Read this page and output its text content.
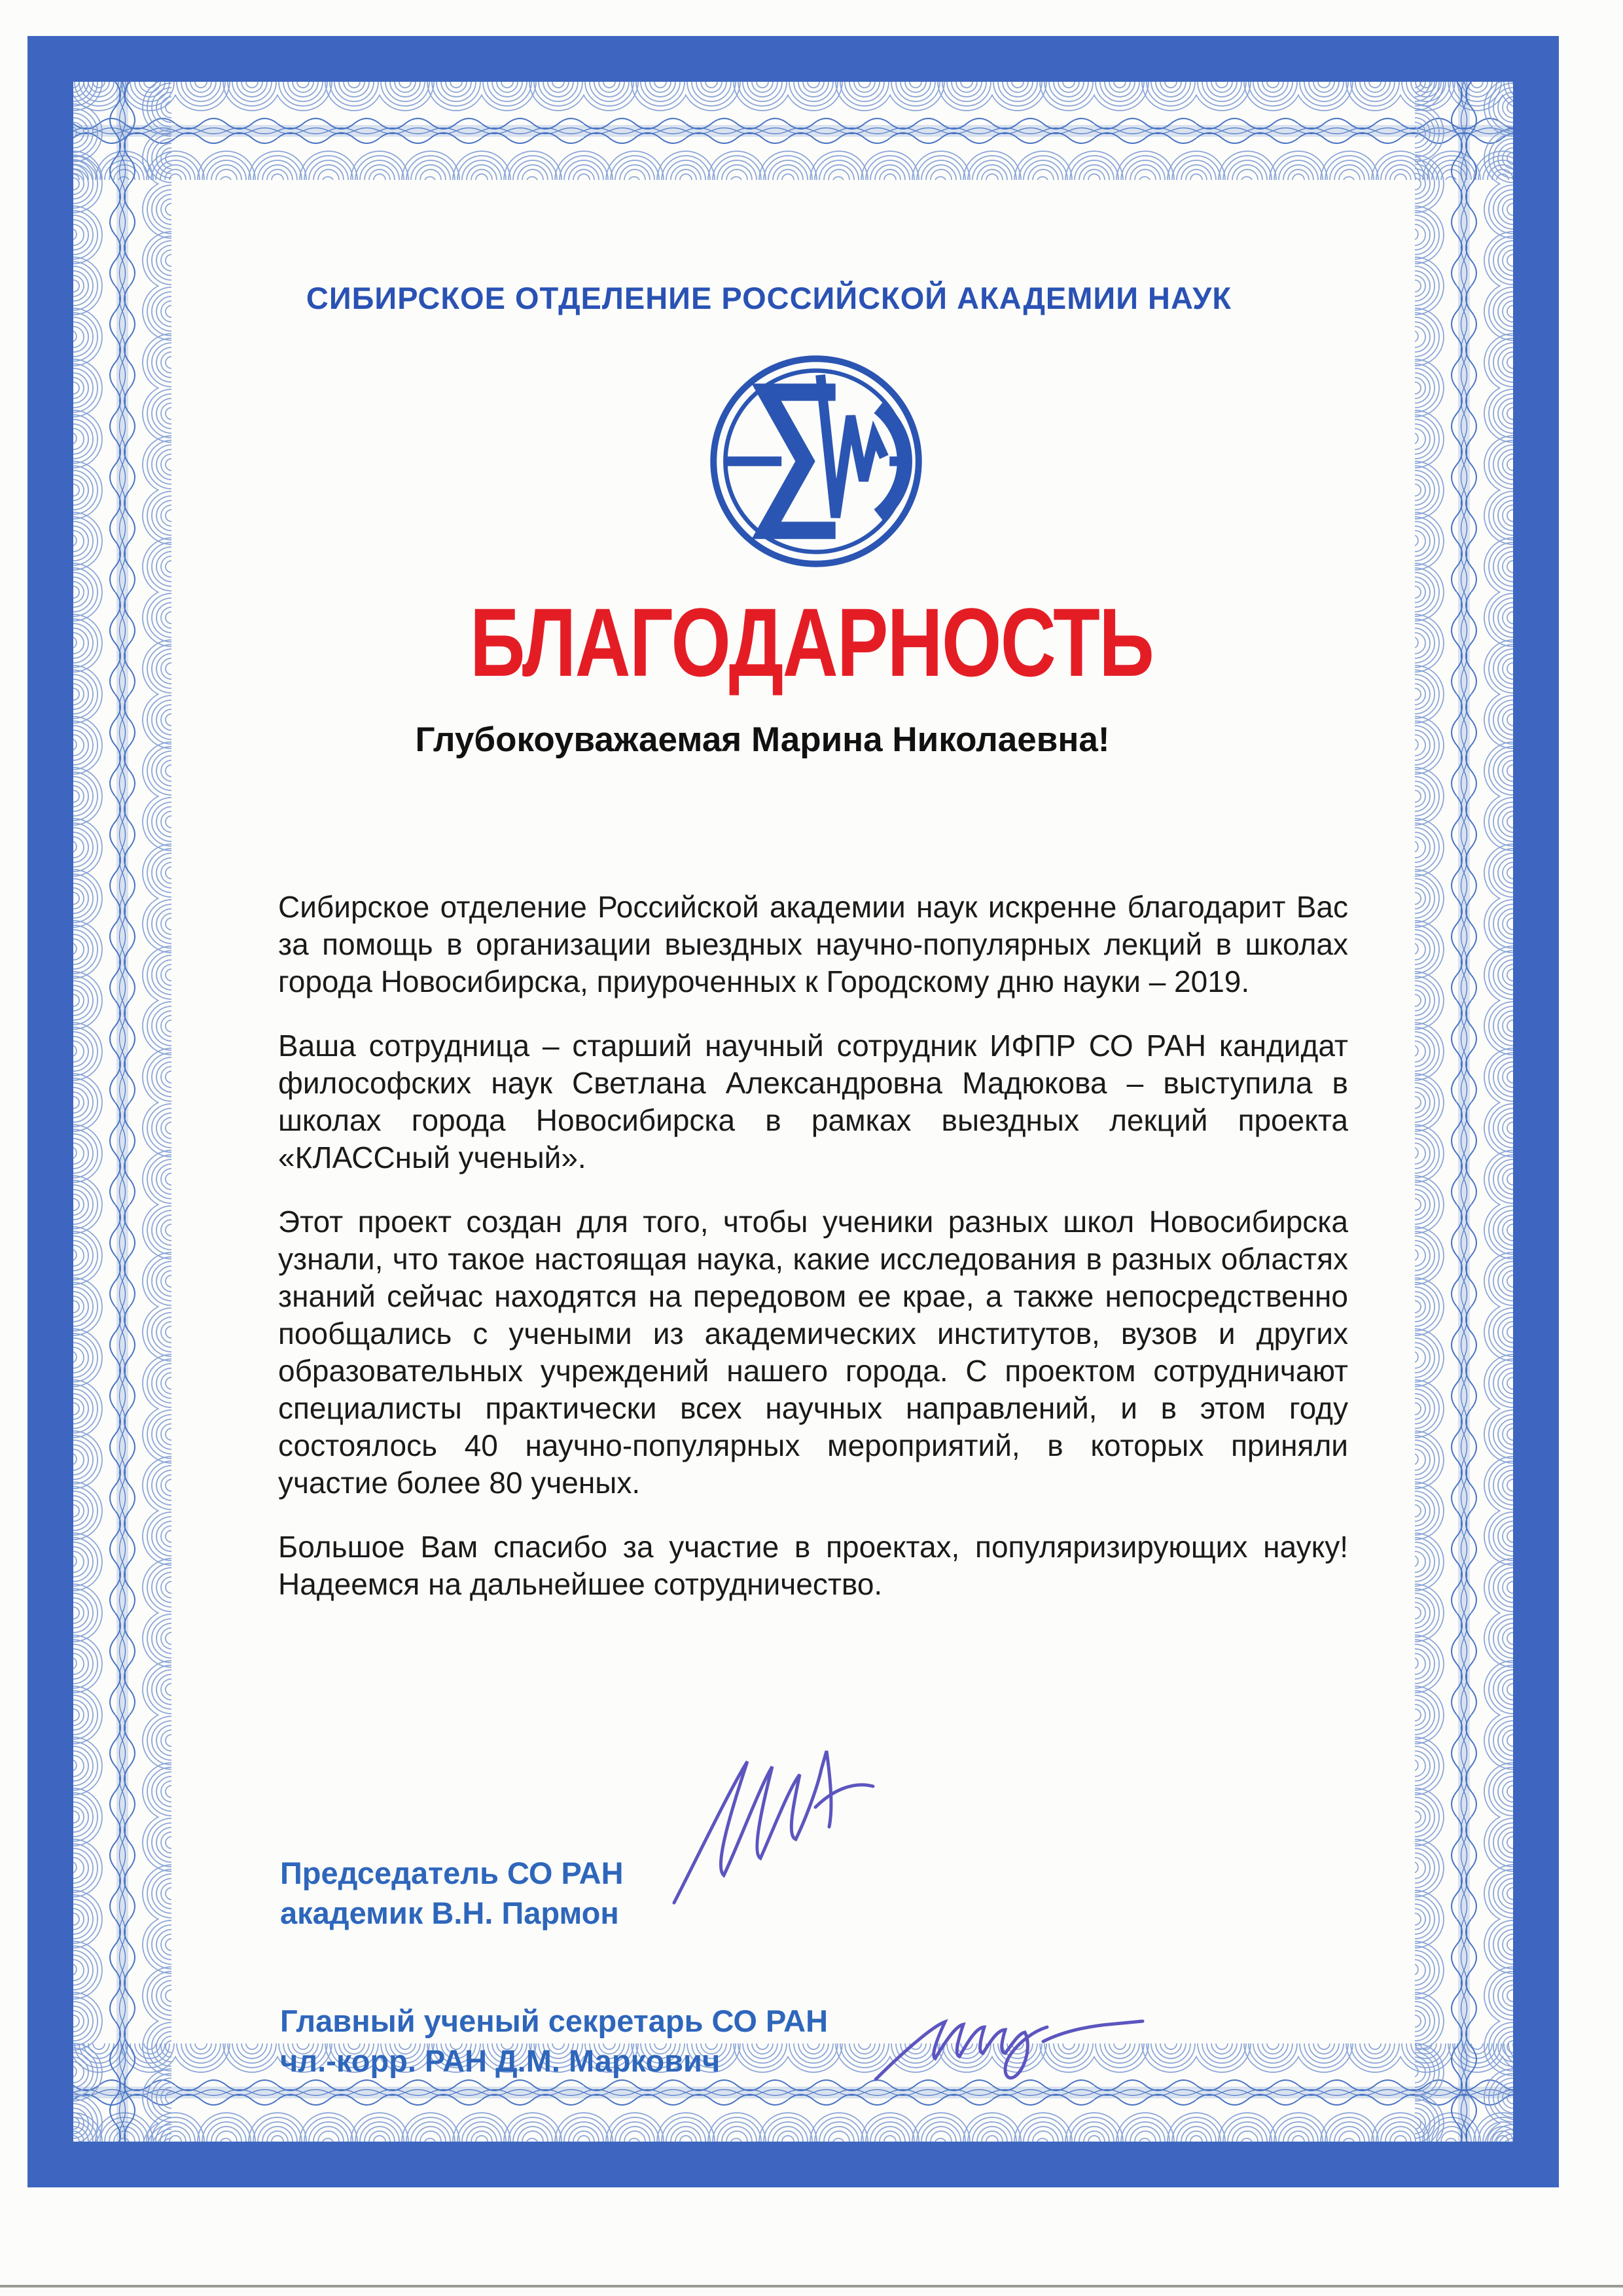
СИБИРСКОЕ ОТДЕЛЕНИЕ РОССИЙСКОЙ АКАДЕМИИ НАУК
БЛАГОДАРНОСТЬ
Глубокоуважаемая Марина Николаевна!

Сибирское отделение Российской академии наук искренне благодарит Вас за помощь в организации выездных научно-популярных лекций в школах города Новосибирска, приуроченных к Городскому дню науки – 2019.

Ваша сотрудница – старший научный сотрудник ИФПР СО РАН кандидат философских наук Светлана Александровна Мадюкова – выступила в школах города Новосибирска в рамках выездных лекций проекта «КЛАССный ученый».

Этот проект создан для того, чтобы ученики разных школ Новосибирска узнали, что такое настоящая наука, какие исследования в разных областях знаний сейчас находятся на передовом ее крае, а также непосредственно пообщались с учеными из академических институтов, вузов и других образовательных учреждений нашего города. С проектом сотрудничают специалисты практически всех научных направлений, и в этом году состоялось 40 научно-популярных мероприятий, в которых приняли участие более 80 ученых.

Большое Вам спасибо за участие в проектах, популяризирующих науку! Надеемся на дальнейшее сотрудничество.

Председатель СО РАН
академик В.Н. Пармон
Главный ученый секретарь СО РАН
чл.-корр. РАН Д.М. Маркович
